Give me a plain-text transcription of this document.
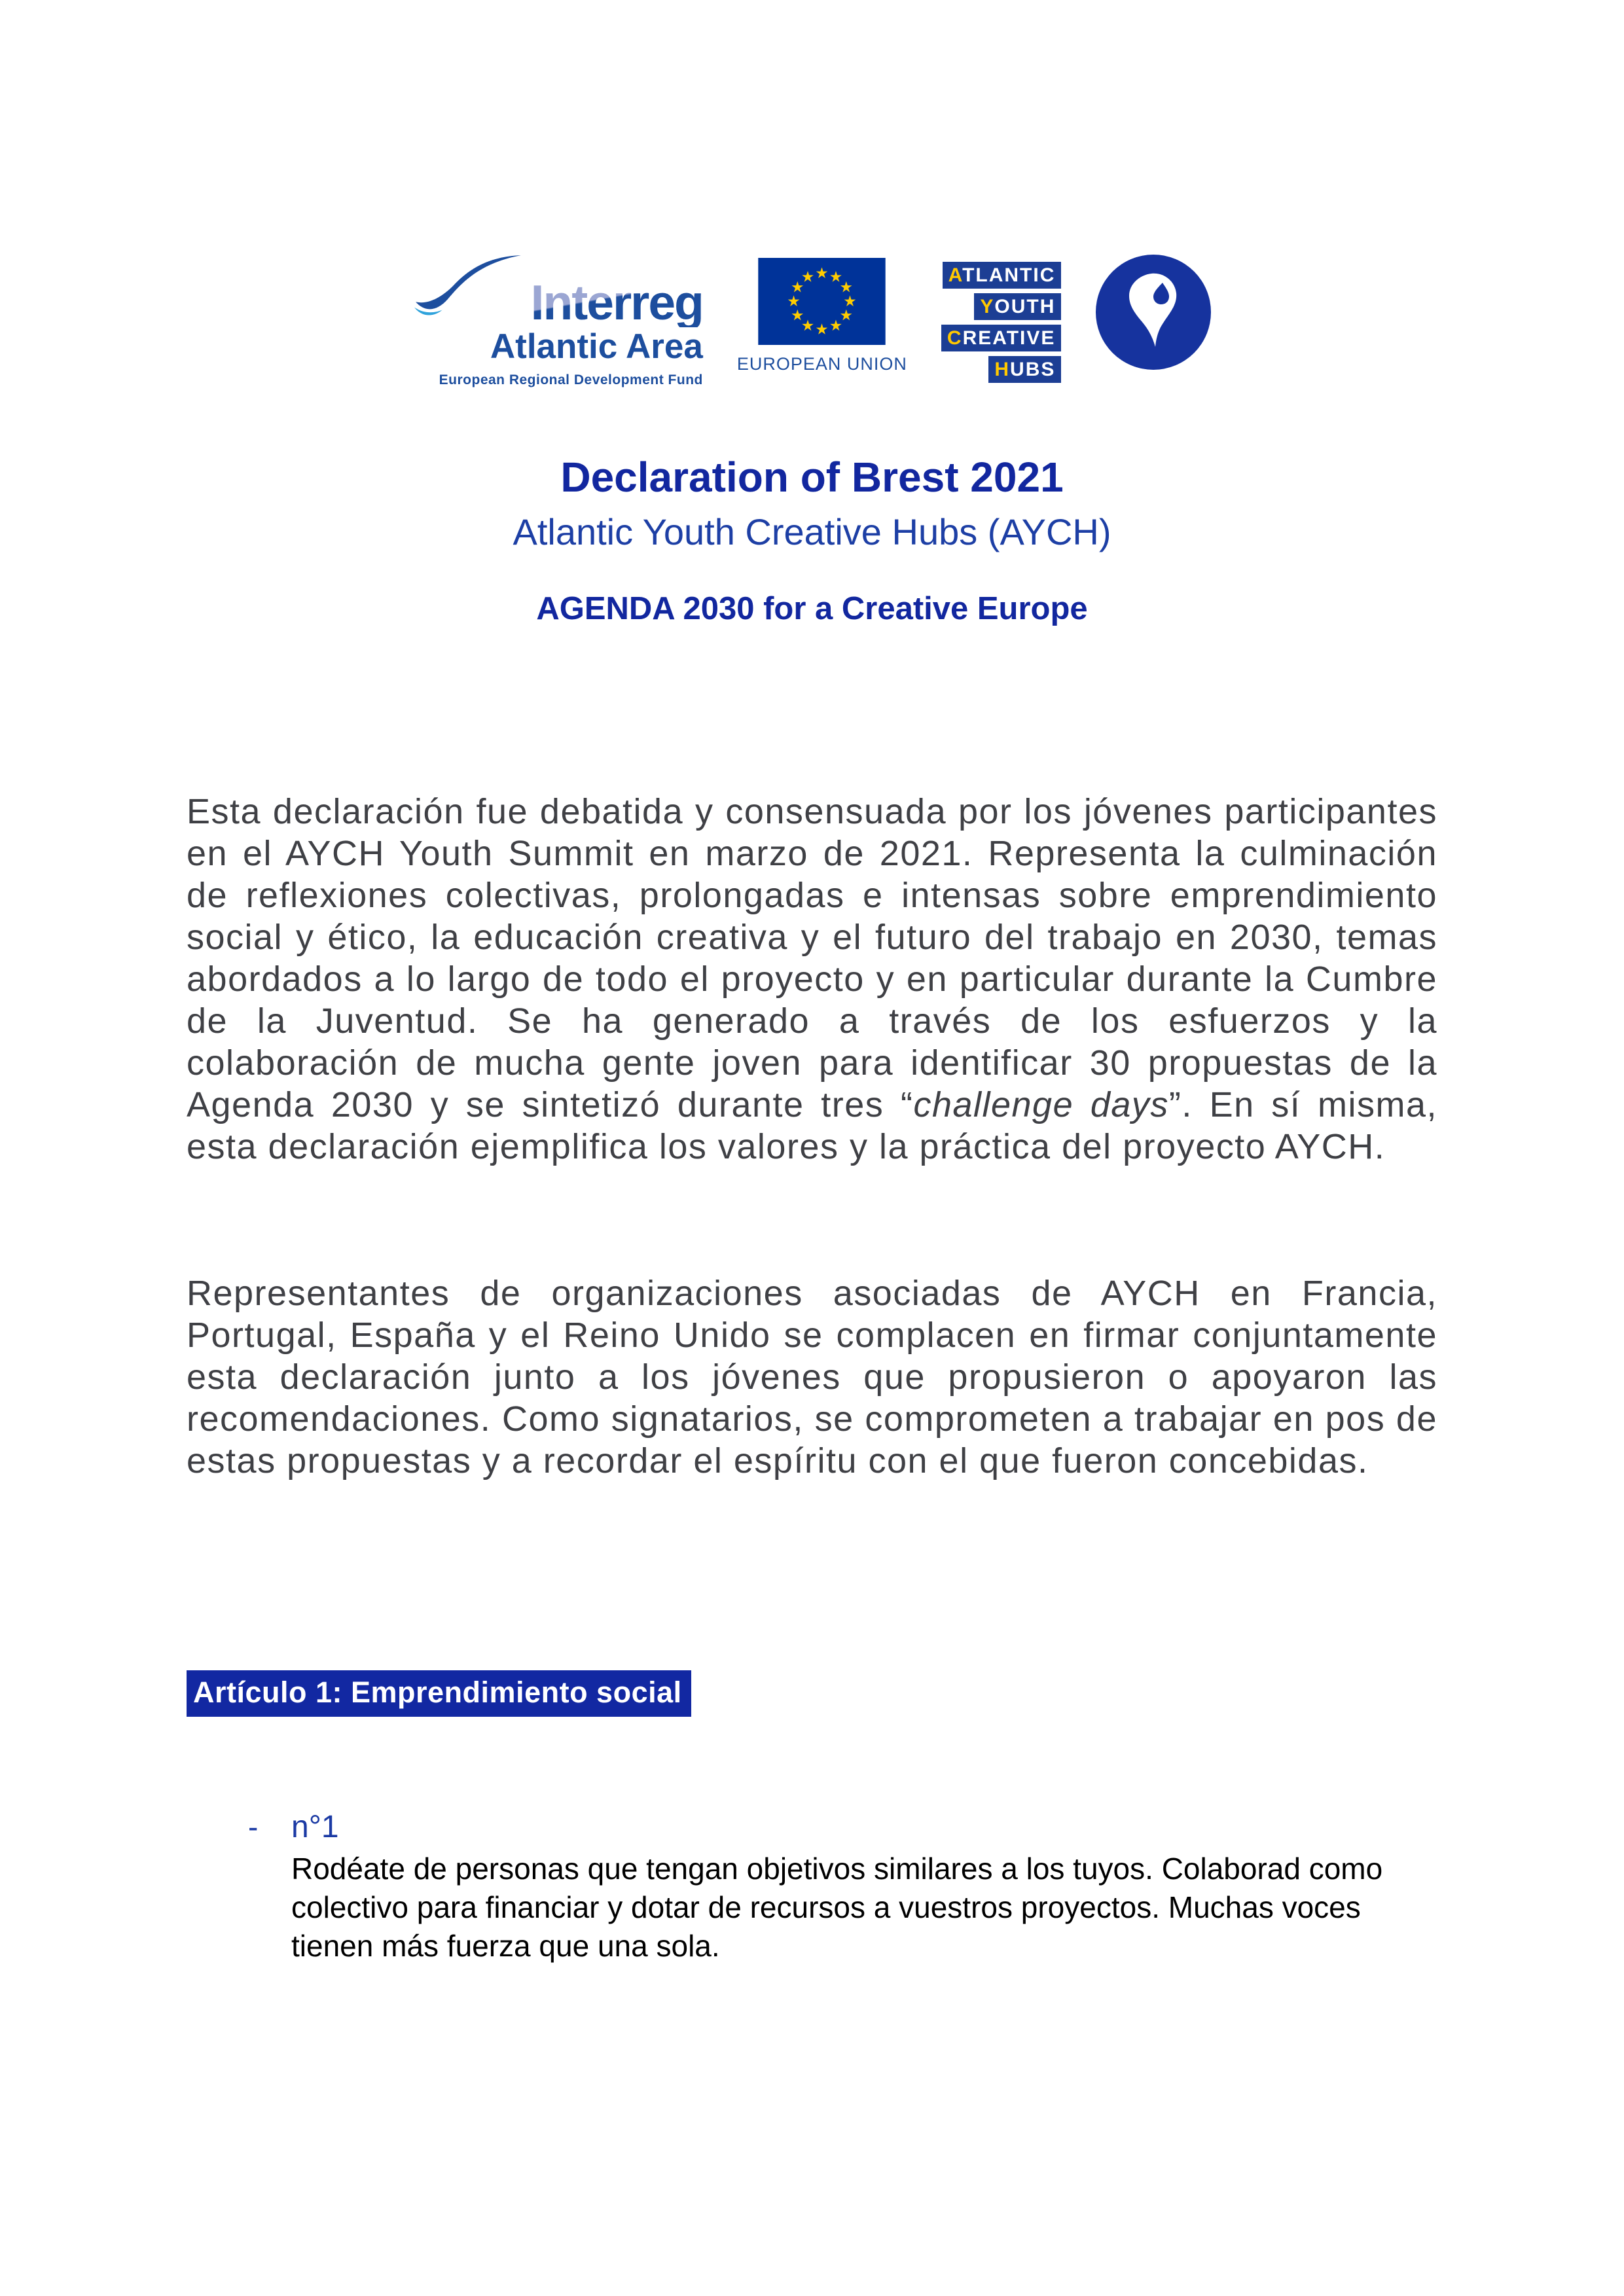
Interreg
Atlantic Area
European Regional Development Fund
EUROPEAN UNION
ATLANTIC
YOUTH
CREATIVE
HUBS
Declaration of Brest 2021
Atlantic Youth Creative Hubs (AYCH)
AGENDA 2030 for a Creative Europe

Esta declaración fue debatida y consensuada por los jóvenes participantes en el AYCH Youth Summit en marzo de 2021. Representa la culminación de reflexiones colectivas, prolongadas e intensas sobre emprendimiento social y ético, la educación creativa y el futuro del trabajo en 2030, temas abordados a lo largo de todo el proyecto y en particular durante la Cumbre de la Juventud. Se ha generado a través de los esfuerzos y la colaboración de mucha gente joven para identificar 30 propuestas de la Agenda 2030 y se sintetizó durante tres “challenge days”. En sí misma, esta declaración ejemplifica los valores y la práctica del proyecto AYCH.

Representantes de organizaciones asociadas de AYCH en Francia, Portugal, España y el Reino Unido se complacen en firmar conjuntamente esta declaración junto a los jóvenes que propusieron o apoyaron las recomendaciones. Como signatarios, se comprometen a trabajar en pos de estas propuestas y a recordar el espíritu con el que fueron concebidas.

Artículo 1: Emprendimiento social
-	n°1

Rodéate de personas que tengan objetivos similares a los tuyos. Colaborad como colectivo para financiar y dotar de recursos a vuestros proyectos. Muchas voces tienen más fuerza que una sola.
